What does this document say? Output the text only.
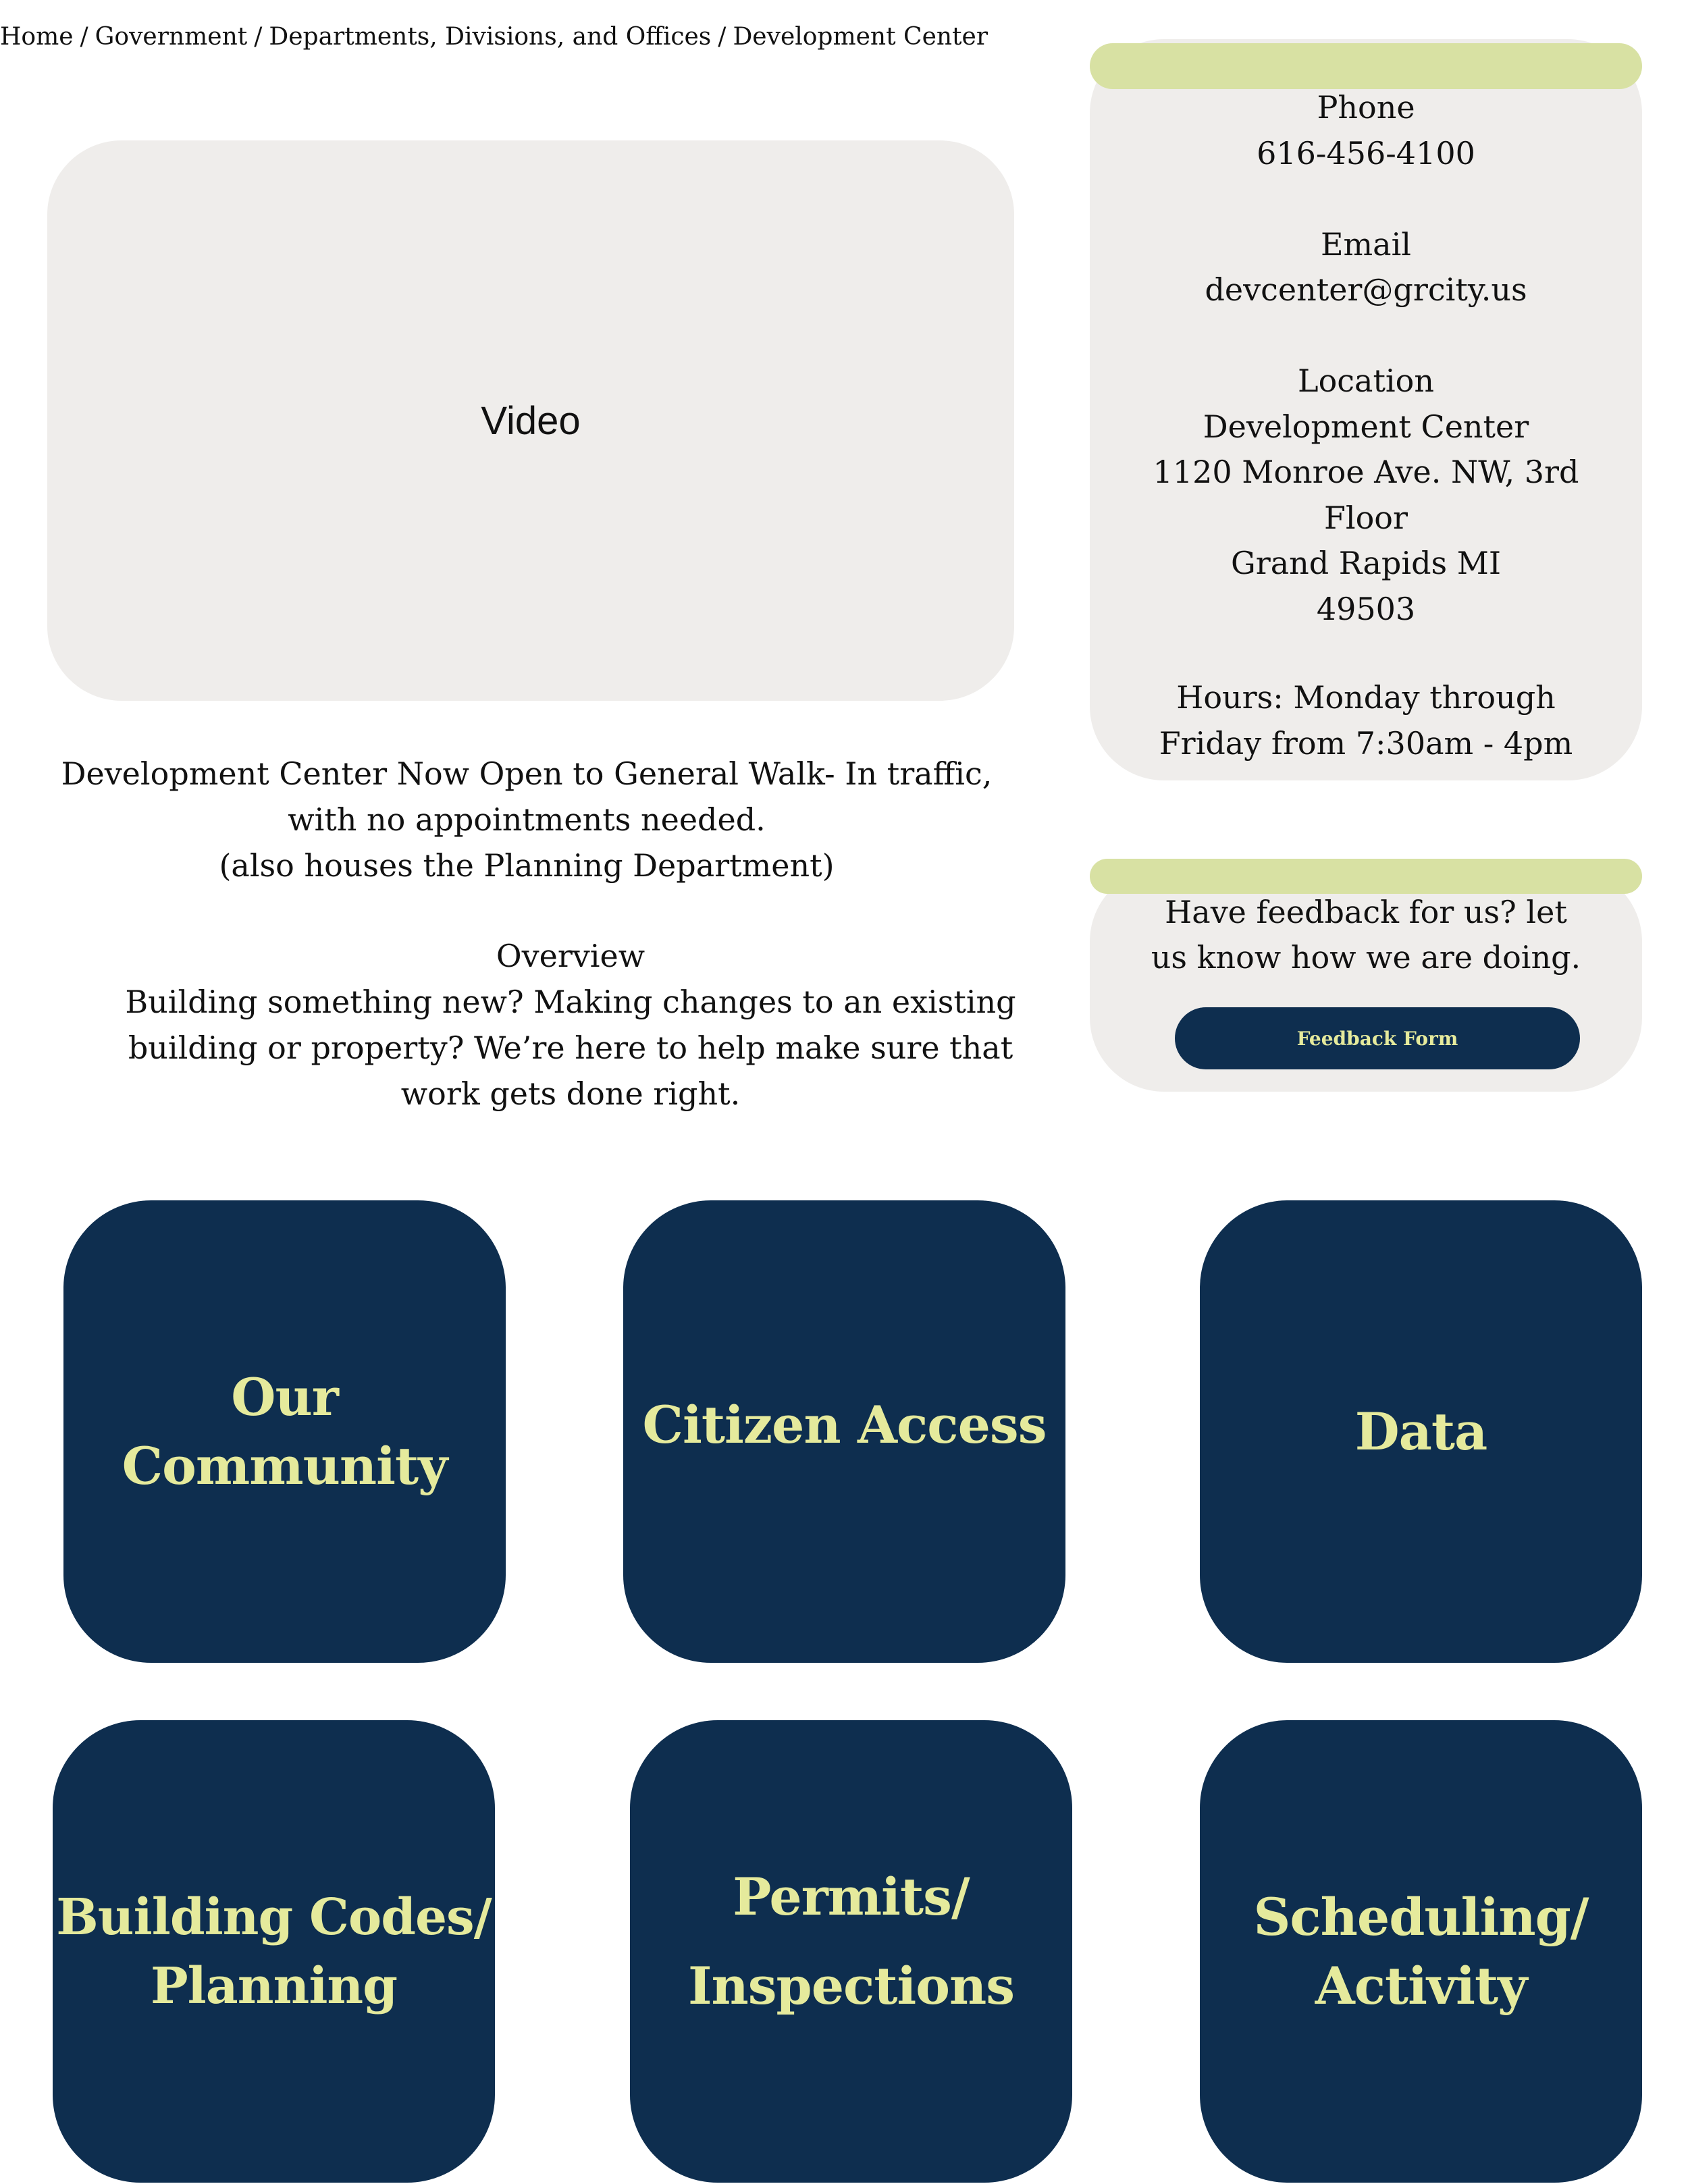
Home / Government / Departments, Divisions, and Offices / Development Center
Video
Development Center Now Open to General Walk- In traffic,
with no appointments needed.
(also houses the Planning Department)
Overview
Building something new? Making changes to an existing
building or property? We’re here to help make sure that
work gets done right.
Phone
616-456-4100
Email
devcenter@grcity.us
Location
Development Center
1120 Monroe Ave. NW, 3rd
Floor
Grand Rapids MI
49503
Hours: Monday through
Friday from 7:30am - 4pm
Have feedback for us? let
us know how we are doing.
Feedback Form
Our Community
Citizen Access	Data
Building Codes/
Planning
Permits/
Inspections
Scheduling/
Activity
